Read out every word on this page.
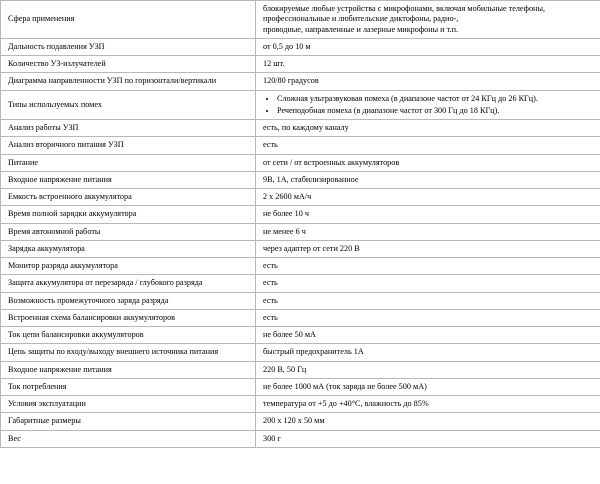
Сфера применения	блокируемые любые устройства с микрофонами, включая мобильные телефоны,
профессиональные и любительские диктофоны, радио-,
проводные, направленные и лазерные микрофоны и т.п.

Дальность подавления УЗП	от 0,5 до 10 м
Количество УЗ-излучателей	12 шт.
Диаграмма направленности УЗП по горизонтали/вертикали	120/80 градусов
Типы используемых помех	
• Сложная ультразвуковая помеха (в диапазоне частот от 24 КГц до 26 КГц).
• Речеподобная помеха (в диапазоне частот от 300 Гц до 18 КГц).

Анализ работы УЗП	есть, по каждому каналу
Анализ вторичного питания УЗП	есть
Питание	от сети / от встроенных аккумуляторов
Входное напряжение питания	9В, 1А, стабилизированное
Емкость встроенного аккумулятора	2 х 2600 мА/ч
Время полной зарядки аккумулятора	не более 10 ч
Время автономной работы	не менее 6 ч
Зарядка аккумулятора	через адаптер от сети 220 В
Монитор разряда аккумулятора	есть
Защита аккумулятора от перезаряда / глубокого разряда	есть
Возможность промежуточного заряда разряда	есть
Встроенная схема балансировки аккумуляторов	есть
Ток цепи балансировки аккумуляторов	не более 50 мА
Цепь защиты по входу/выходу внешнего источника питания	быстрый предохранитель 1А
Входное напряжение питания	220 В, 50 Гц
Ток потребления	не более 1000 мА (ток заряда не более 500 мА)
Условия эксплуатации	температура от +5 до +40°С, влажность до 85%
Габаритные размеры	200 х 120 х 50 мм
Вес	300 г
